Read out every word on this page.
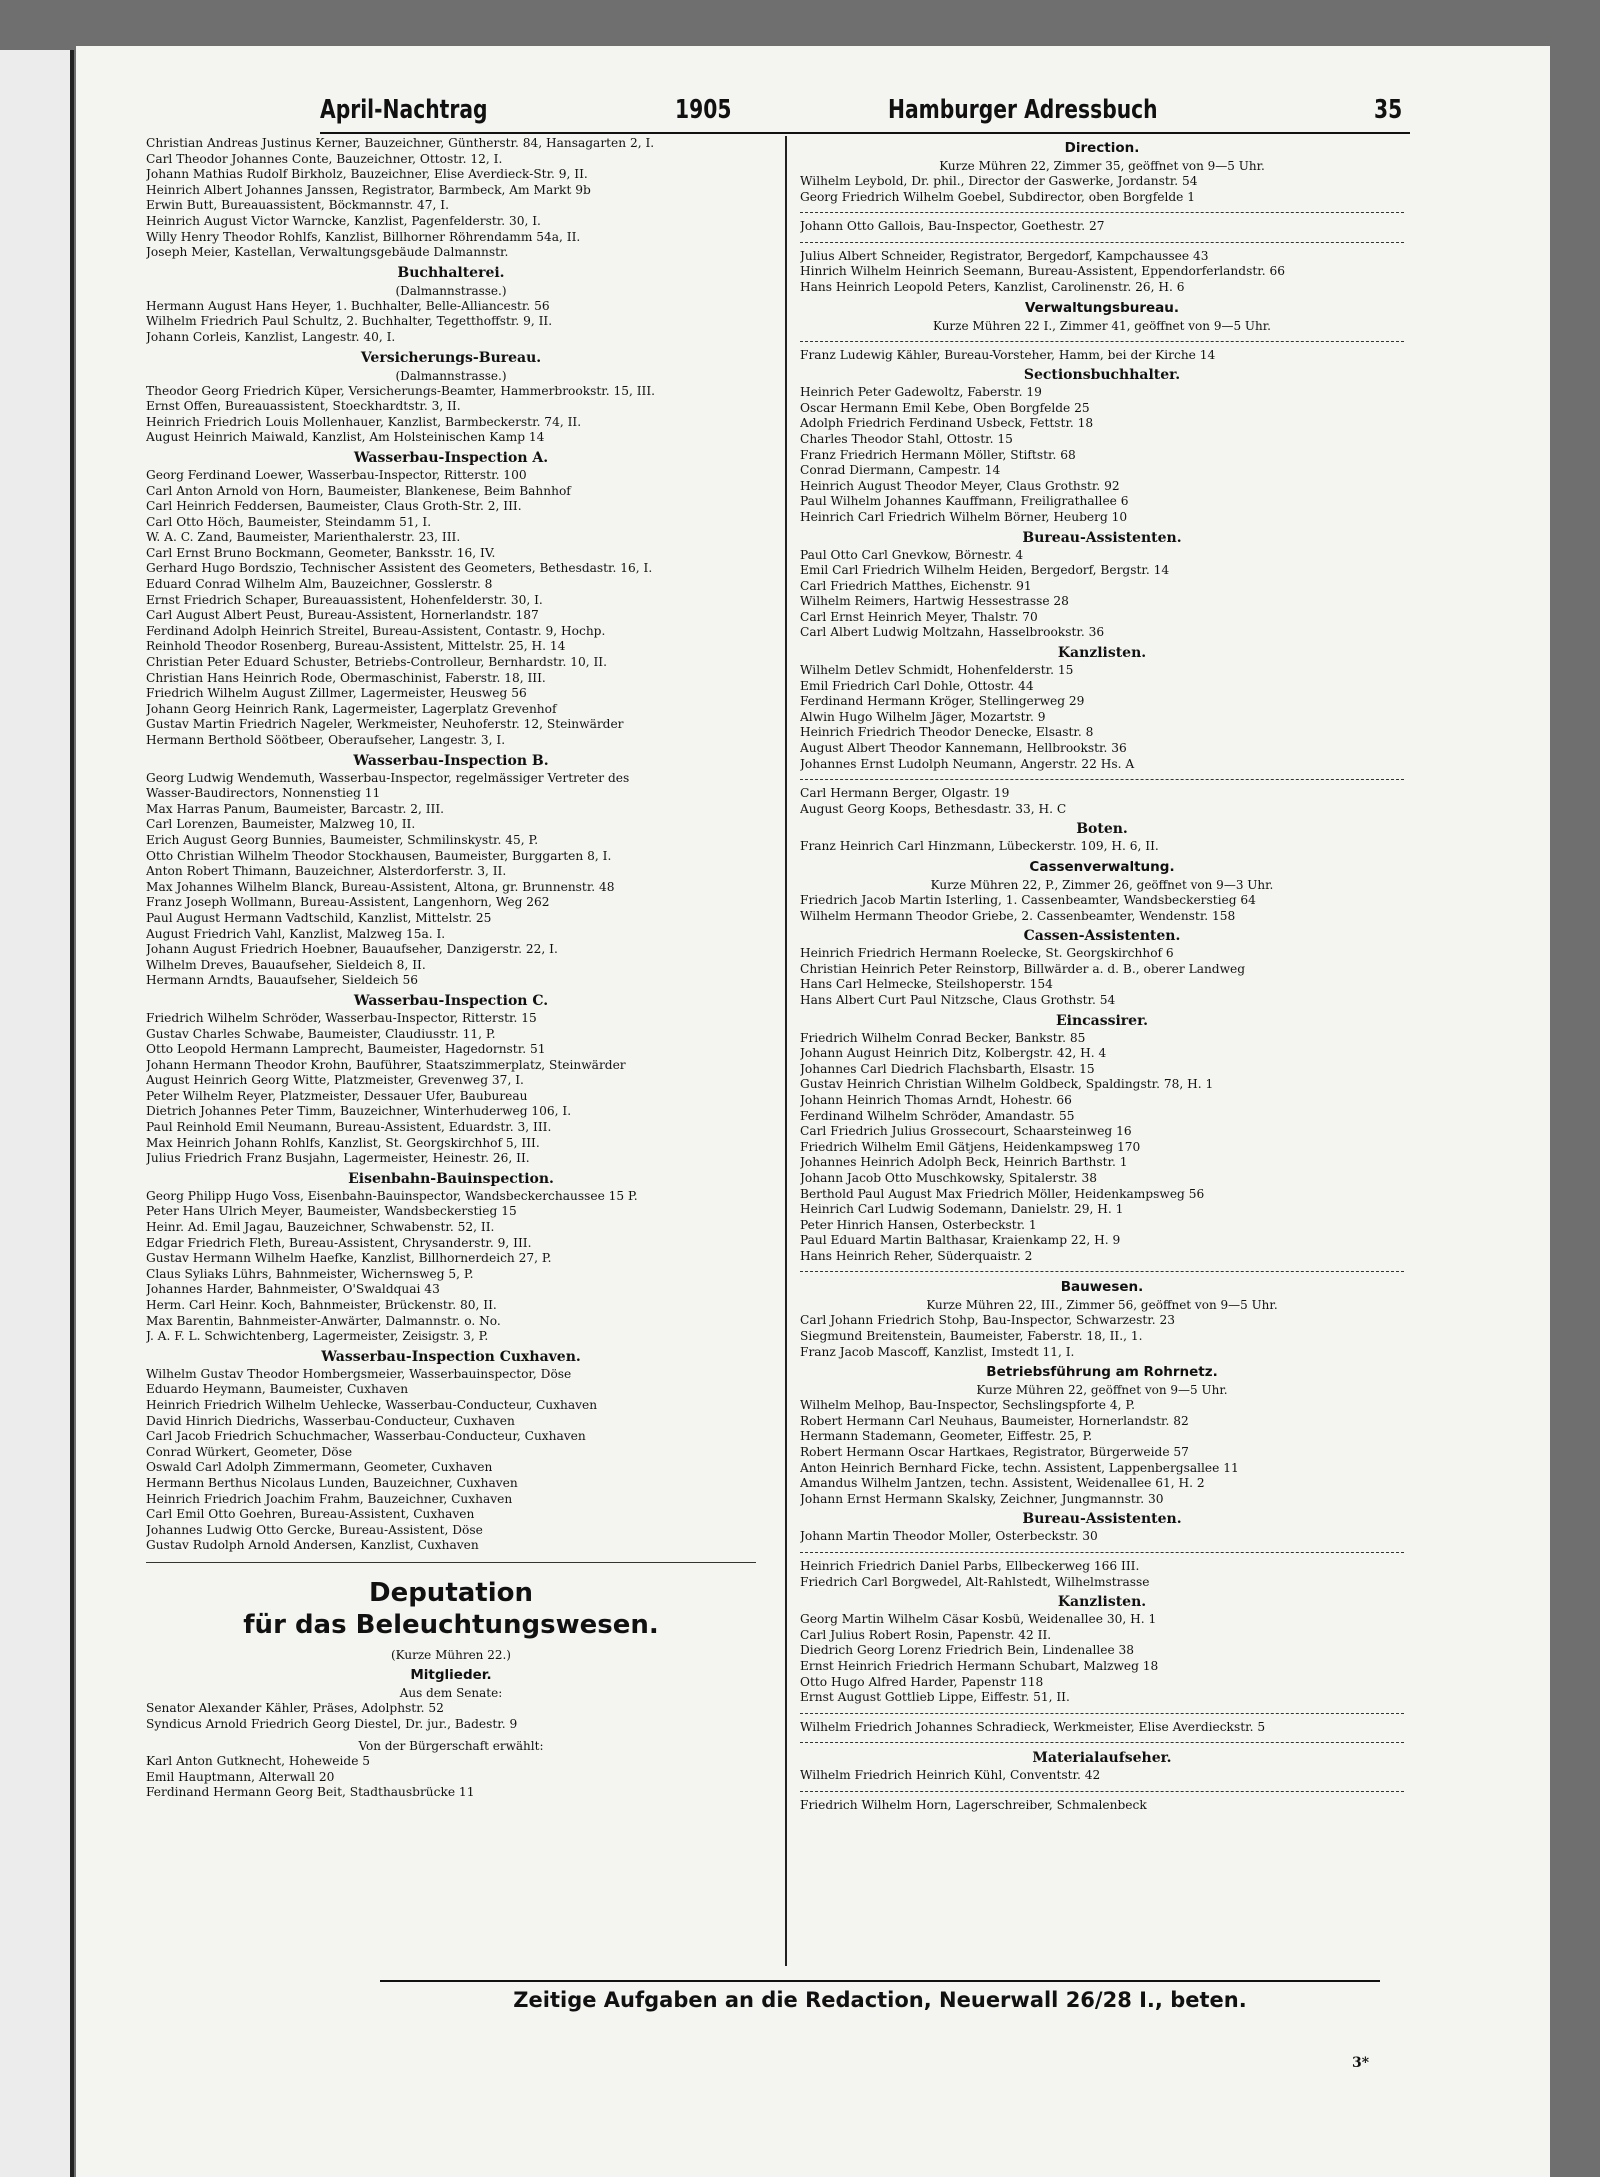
April-Nachtrag	1905	Hamburger Adressbuch	35
Christian Andreas Justinus Kerner, Bauzeichner, Güntherstr. 84, Hansagarten 2, I.
Carl Theodor Johannes Conte, Bauzeichner, Ottostr. 12, I.
Johann Mathias Rudolf Birkholz, Bauzeichner, Elise Averdieck-Str. 9, II.
Heinrich Albert Johannes Janssen, Registrator, Barmbeck, Am Markt 9b
Erwin Butt, Bureauassistent, Böckmannstr. 47, I.
Heinrich August Victor Warncke, Kanzlist, Pagenfelderstr. 30, I.
Willy Henry Theodor Rohlfs, Kanzlist, Billhorner Röhrendamm 54a, II.
Joseph Meier, Kastellan, Verwaltungsgebäude Dalmannstr.
Buchhalterei.
(Dalmannstrasse.)
Hermann August Hans Heyer, 1. Buchhalter, Belle-Alliancestr. 56
Wilhelm Friedrich Paul Schultz, 2. Buchhalter, Tegetthoffstr. 9, II.
Johann Corleis, Kanzlist, Langestr. 40, I.
Versicherungs-Bureau.
(Dalmannstrasse.)
Theodor Georg Friedrich Küper, Versicherungs-Beamter, Hammerbrookstr. 15, III.
Ernst Offen, Bureauassistent, Stoeckhardtstr. 3, II.
Heinrich Friedrich Louis Mollenhauer, Kanzlist, Barmbeckerstr. 74, II.
August Heinrich Maiwald, Kanzlist, Am Holsteinischen Kamp 14
Wasserbau-Inspection A.
Georg Ferdinand Loewer, Wasserbau-Inspector, Ritterstr. 100
Carl Anton Arnold von Horn, Baumeister, Blankenese, Beim Bahnhof
Carl Heinrich Feddersen, Baumeister, Claus Groth-Str. 2, III.
Carl Otto Höch, Baumeister, Steindamm 51, I.
W. A. C. Zand, Baumeister, Marienthalerstr. 23, III.
Carl Ernst Bruno Bockmann, Geometer, Banksstr. 16, IV.
Gerhard Hugo Bordszio, Technischer Assistent des Geometers, Bethesdastr. 16, I.
Eduard Conrad Wilhelm Alm, Bauzeichner, Gosslerstr. 8
Ernst Friedrich Schaper, Bureauassistent, Hohenfelderstr. 30, I.
Carl August Albert Peust, Bureau-Assistent, Hornerlandstr. 187
Ferdinand Adolph Heinrich Streitel, Bureau-Assistent, Contastr. 9, Hochp.
Reinhold Theodor Rosenberg, Bureau-Assistent, Mittelstr. 25, H. 14
Christian Peter Eduard Schuster, Betriebs-Controlleur, Bernhardstr. 10, II.
Christian Hans Heinrich Rode, Obermaschinist, Faberstr. 18, III.
Friedrich Wilhelm August Zillmer, Lagermeister, Heusweg 56
Johann Georg Heinrich Rank, Lagermeister, Lagerplatz Grevenhof
Gustav Martin Friedrich Nageler, Werkmeister, Neuhoferstr. 12, Steinwärder
Hermann Berthold Söötbeer, Oberaufseher, Langestr. 3, I.
Wasserbau-Inspection B.
Georg Ludwig Wendemuth, Wasserbau-Inspector, regelmässiger Vertreter des
Wasser-Baudirectors, Nonnenstieg 11
Max Harras Panum, Baumeister, Barcastr. 2, III.
Carl Lorenzen, Baumeister, Malzweg 10, II.
Erich August Georg Bunnies, Baumeister, Schmilinskystr. 45, P.
Otto Christian Wilhelm Theodor Stockhausen, Baumeister, Burggarten 8, I.
Anton Robert Thimann, Bauzeichner, Alsterdorferstr. 3, II.
Max Johannes Wilhelm Blanck, Bureau-Assistent, Altona, gr. Brunnenstr. 48
Franz Joseph Wollmann, Bureau-Assistent, Langenhorn, Weg 262
Paul August Hermann Vadtschild, Kanzlist, Mittelstr. 25
August Friedrich Vahl, Kanzlist, Malzweg 15a. I.
Johann August Friedrich Hoebner, Bauaufseher, Danzigerstr. 22, I.
Wilhelm Dreves, Bauaufseher, Sieldeich 8, II.
Hermann Arndts, Bauaufseher, Sieldeich 56
Wasserbau-Inspection C.
Friedrich Wilhelm Schröder, Wasserbau-Inspector, Ritterstr. 15
Gustav Charles Schwabe, Baumeister, Claudiusstr. 11, P.
Otto Leopold Hermann Lamprecht, Baumeister, Hagedornstr. 51
Johann Hermann Theodor Krohn, Bauführer, Staatszimmerplatz, Steinwärder
August Heinrich Georg Witte, Platzmeister, Grevenweg 37, I.
Peter Wilhelm Reyer, Platzmeister, Dessauer Ufer, Baubureau
Dietrich Johannes Peter Timm, Bauzeichner, Winterhuderweg 106, I.
Paul Reinhold Emil Neumann, Bureau-Assistent, Eduardstr. 3, III.
Max Heinrich Johann Rohlfs, Kanzlist, St. Georgskirchhof 5, III.
Julius Friedrich Franz Busjahn, Lagermeister, Heinestr. 26, II.
Eisenbahn-Bauinspection.
Georg Philipp Hugo Voss, Eisenbahn-Bauinspector, Wandsbeckerchaussee 15 P.
Peter Hans Ulrich Meyer, Baumeister, Wandsbeckerstieg 15
Heinr. Ad. Emil Jagau, Bauzeichner, Schwabenstr. 52, II.
Edgar Friedrich Fleth, Bureau-Assistent, Chrysanderstr. 9, III.
Gustav Hermann Wilhelm Haefke, Kanzlist, Billhornerdeich 27, P.
Claus Syliaks Lührs, Bahnmeister, Wichernsweg 5, P.
Johannes Harder, Bahnmeister, O'Swaldquai 43
Herm. Carl Heinr. Koch, Bahnmeister, Brückenstr. 80, II.
Max Barentin, Bahnmeister-Anwärter, Dalmannstr. o. No.
J. A. F. L. Schwichtenberg, Lagermeister, Zeisigstr. 3, P.
Wasserbau-Inspection Cuxhaven.
Wilhelm Gustav Theodor Hombergsmeier, Wasserbauinspector, Döse
Eduardo Heymann, Baumeister, Cuxhaven
Heinrich Friedrich Wilhelm Uehlecke, Wasserbau-Conducteur, Cuxhaven
David Hinrich Diedrichs, Wasserbau-Conducteur, Cuxhaven
Carl Jacob Friedrich Schuchmacher, Wasserbau-Conducteur, Cuxhaven
Conrad Würkert, Geometer, Döse
Oswald Carl Adolph Zimmermann, Geometer, Cuxhaven
Hermann Berthus Nicolaus Lunden, Bauzeichner, Cuxhaven
Heinrich Friedrich Joachim Frahm, Bauzeichner, Cuxhaven
Carl Emil Otto Goehren, Bureau-Assistent, Cuxhaven
Johannes Ludwig Otto Gercke, Bureau-Assistent, Döse
Gustav Rudolph Arnold Andersen, Kanzlist, Cuxhaven
Deputation
für das Beleuchtungswesen.
(Kurze Mühren 22.)
Mitglieder.
Aus dem Senate:
Senator Alexander Kähler, Präses, Adolphstr. 52
Syndicus Arnold Friedrich Georg Diestel, Dr. jur., Badestr. 9
Von der Bürgerschaft erwählt:
Karl Anton Gutknecht, Hoheweide 5
Emil Hauptmann, Alterwall 20
Ferdinand Hermann Georg Beit, Stadthausbrücke 11
Direction.
Kurze Mühren 22, Zimmer 35, geöffnet von 9—5 Uhr.
Wilhelm Leybold, Dr. phil., Director der Gaswerke, Jordanstr. 54
Georg Friedrich Wilhelm Goebel, Subdirector, oben Borgfelde 1
Johann Otto Gallois, Bau-Inspector, Goethestr. 27
Julius Albert Schneider, Registrator, Bergedorf, Kampchaussee 43
Hinrich Wilhelm Heinrich Seemann, Bureau-Assistent, Eppendorferlandstr. 66
Hans Heinrich Leopold Peters, Kanzlist, Carolinenstr. 26, H. 6
Verwaltungsbureau.
Kurze Mühren 22 I., Zimmer 41, geöffnet von 9—5 Uhr.
Franz Ludewig Kähler, Bureau-Vorsteher, Hamm, bei der Kirche 14
Sectionsbuchhalter.
Heinrich Peter Gadewoltz, Faberstr. 19
Oscar Hermann Emil Kebe, Oben Borgfelde 25
Adolph Friedrich Ferdinand Usbeck, Fettstr. 18
Charles Theodor Stahl, Ottostr. 15
Franz Friedrich Hermann Möller, Stiftstr. 68
Conrad Diermann, Campestr. 14
Heinrich August Theodor Meyer, Claus Grothstr. 92
Paul Wilhelm Johannes Kauffmann, Freiligrathallee 6
Heinrich Carl Friedrich Wilhelm Börner, Heuberg 10
Bureau-Assistenten.
Paul Otto Carl Gnevkow, Börnestr. 4
Emil Carl Friedrich Wilhelm Heiden, Bergedorf, Bergstr. 14
Carl Friedrich Matthes, Eichenstr. 91
Wilhelm Reimers, Hartwig Hessestrasse 28
Carl Ernst Heinrich Meyer, Thalstr. 70
Carl Albert Ludwig Moltzahn, Hasselbrookstr. 36
Kanzlisten.
Wilhelm Detlev Schmidt, Hohenfelderstr. 15
Emil Friedrich Carl Dohle, Ottostr. 44
Ferdinand Hermann Kröger, Stellingerweg 29
Alwin Hugo Wilhelm Jäger, Mozartstr. 9
Heinrich Friedrich Theodor Denecke, Elsastr. 8
August Albert Theodor Kannemann, Hellbrookstr. 36
Johannes Ernst Ludolph Neumann, Angerstr. 22 Hs. A
Carl Hermann Berger, Olgastr. 19
August Georg Koops, Bethesdastr. 33, H. C
Boten.
Franz Heinrich Carl Hinzmann, Lübeckerstr. 109, H. 6, II.
Cassenverwaltung.
Kurze Mühren 22, P., Zimmer 26, geöffnet von 9—3 Uhr.
Friedrich Jacob Martin Isterling, 1. Cassenbeamter, Wandsbeckerstieg 64
Wilhelm Hermann Theodor Griebe, 2. Cassenbeamter, Wendenstr. 158
Cassen-Assistenten.
Heinrich Friedrich Hermann Roelecke, St. Georgskirchhof 6
Christian Heinrich Peter Reinstorp, Billwärder a. d. B., oberer Landweg
Hans Carl Helmecke, Steilshoperstr. 154
Hans Albert Curt Paul Nitzsche, Claus Grothstr. 54
Eincassirer.
Friedrich Wilhelm Conrad Becker, Bankstr. 85
Johann August Heinrich Ditz, Kolbergstr. 42, H. 4
Johannes Carl Diedrich Flachsbarth, Elsastr. 15
Gustav Heinrich Christian Wilhelm Goldbeck, Spaldingstr. 78, H. 1
Johann Heinrich Thomas Arndt, Hohestr. 66
Ferdinand Wilhelm Schröder, Amandastr. 55
Carl Friedrich Julius Grossecourt, Schaarsteinweg 16
Friedrich Wilhelm Emil Gätjens, Heidenkampsweg 170
Johannes Heinrich Adolph Beck, Heinrich Barthstr. 1
Johann Jacob Otto Muschkowsky, Spitalerstr. 38
Berthold Paul August Max Friedrich Möller, Heidenkampsweg 56
Heinrich Carl Ludwig Sodemann, Danielstr. 29, H. 1
Peter Hinrich Hansen, Osterbeckstr. 1
Paul Eduard Martin Balthasar, Kraienkamp 22, H. 9
Hans Heinrich Reher, Süderquaistr. 2
Bauwesen.
Kurze Mühren 22, III., Zimmer 56, geöffnet von 9—5 Uhr.
Carl Johann Friedrich Stohp, Bau-Inspector, Schwarzestr. 23
Siegmund Breitenstein, Baumeister, Faberstr. 18, II., 1.
Franz Jacob Mascoff, Kanzlist, Imstedt 11, I.
Betriebsführung am Rohrnetz.
Kurze Mühren 22, geöffnet von 9—5 Uhr.
Wilhelm Melhop, Bau-Inspector, Sechslingspforte 4, P.
Robert Hermann Carl Neuhaus, Baumeister, Hornerlandstr. 82
Hermann Stademann, Geometer, Eiffestr. 25, P.
Robert Hermann Oscar Hartkaes, Registrator, Bürgerweide 57
Anton Heinrich Bernhard Ficke, techn. Assistent, Lappenbergsallee 11
Amandus Wilhelm Jantzen, techn. Assistent, Weidenallee 61, H. 2
Johann Ernst Hermann Skalsky, Zeichner, Jungmannstr. 30
Bureau-Assistenten.
Johann Martin Theodor Moller, Osterbeckstr. 30
Heinrich Friedrich Daniel Parbs, Ellbeckerweg 166 III.
Friedrich Carl Borgwedel, Alt-Rahlstedt, Wilhelmstrasse
Kanzlisten.
Georg Martin Wilhelm Cäsar Kosbü, Weidenallee 30, H. 1
Carl Julius Robert Rosin, Papenstr. 42 II.
Diedrich Georg Lorenz Friedrich Bein, Lindenallee 38
Ernst Heinrich Friedrich Hermann Schubart, Malzweg 18
Otto Hugo Alfred Harder, Papenstr 118
Ernst August Gottlieb Lippe, Eiffestr. 51, II.
Wilhelm Friedrich Johannes Schradieck, Werkmeister, Elise Averdieckstr. 5
Materialaufseher.
Wilhelm Friedrich Heinrich Kühl, Conventstr. 42
Friedrich Wilhelm Horn, Lagerschreiber, Schmalenbeck
Zeitige Aufgaben an die Redaction, Neuerwall 26/28 I., beten.
3*
